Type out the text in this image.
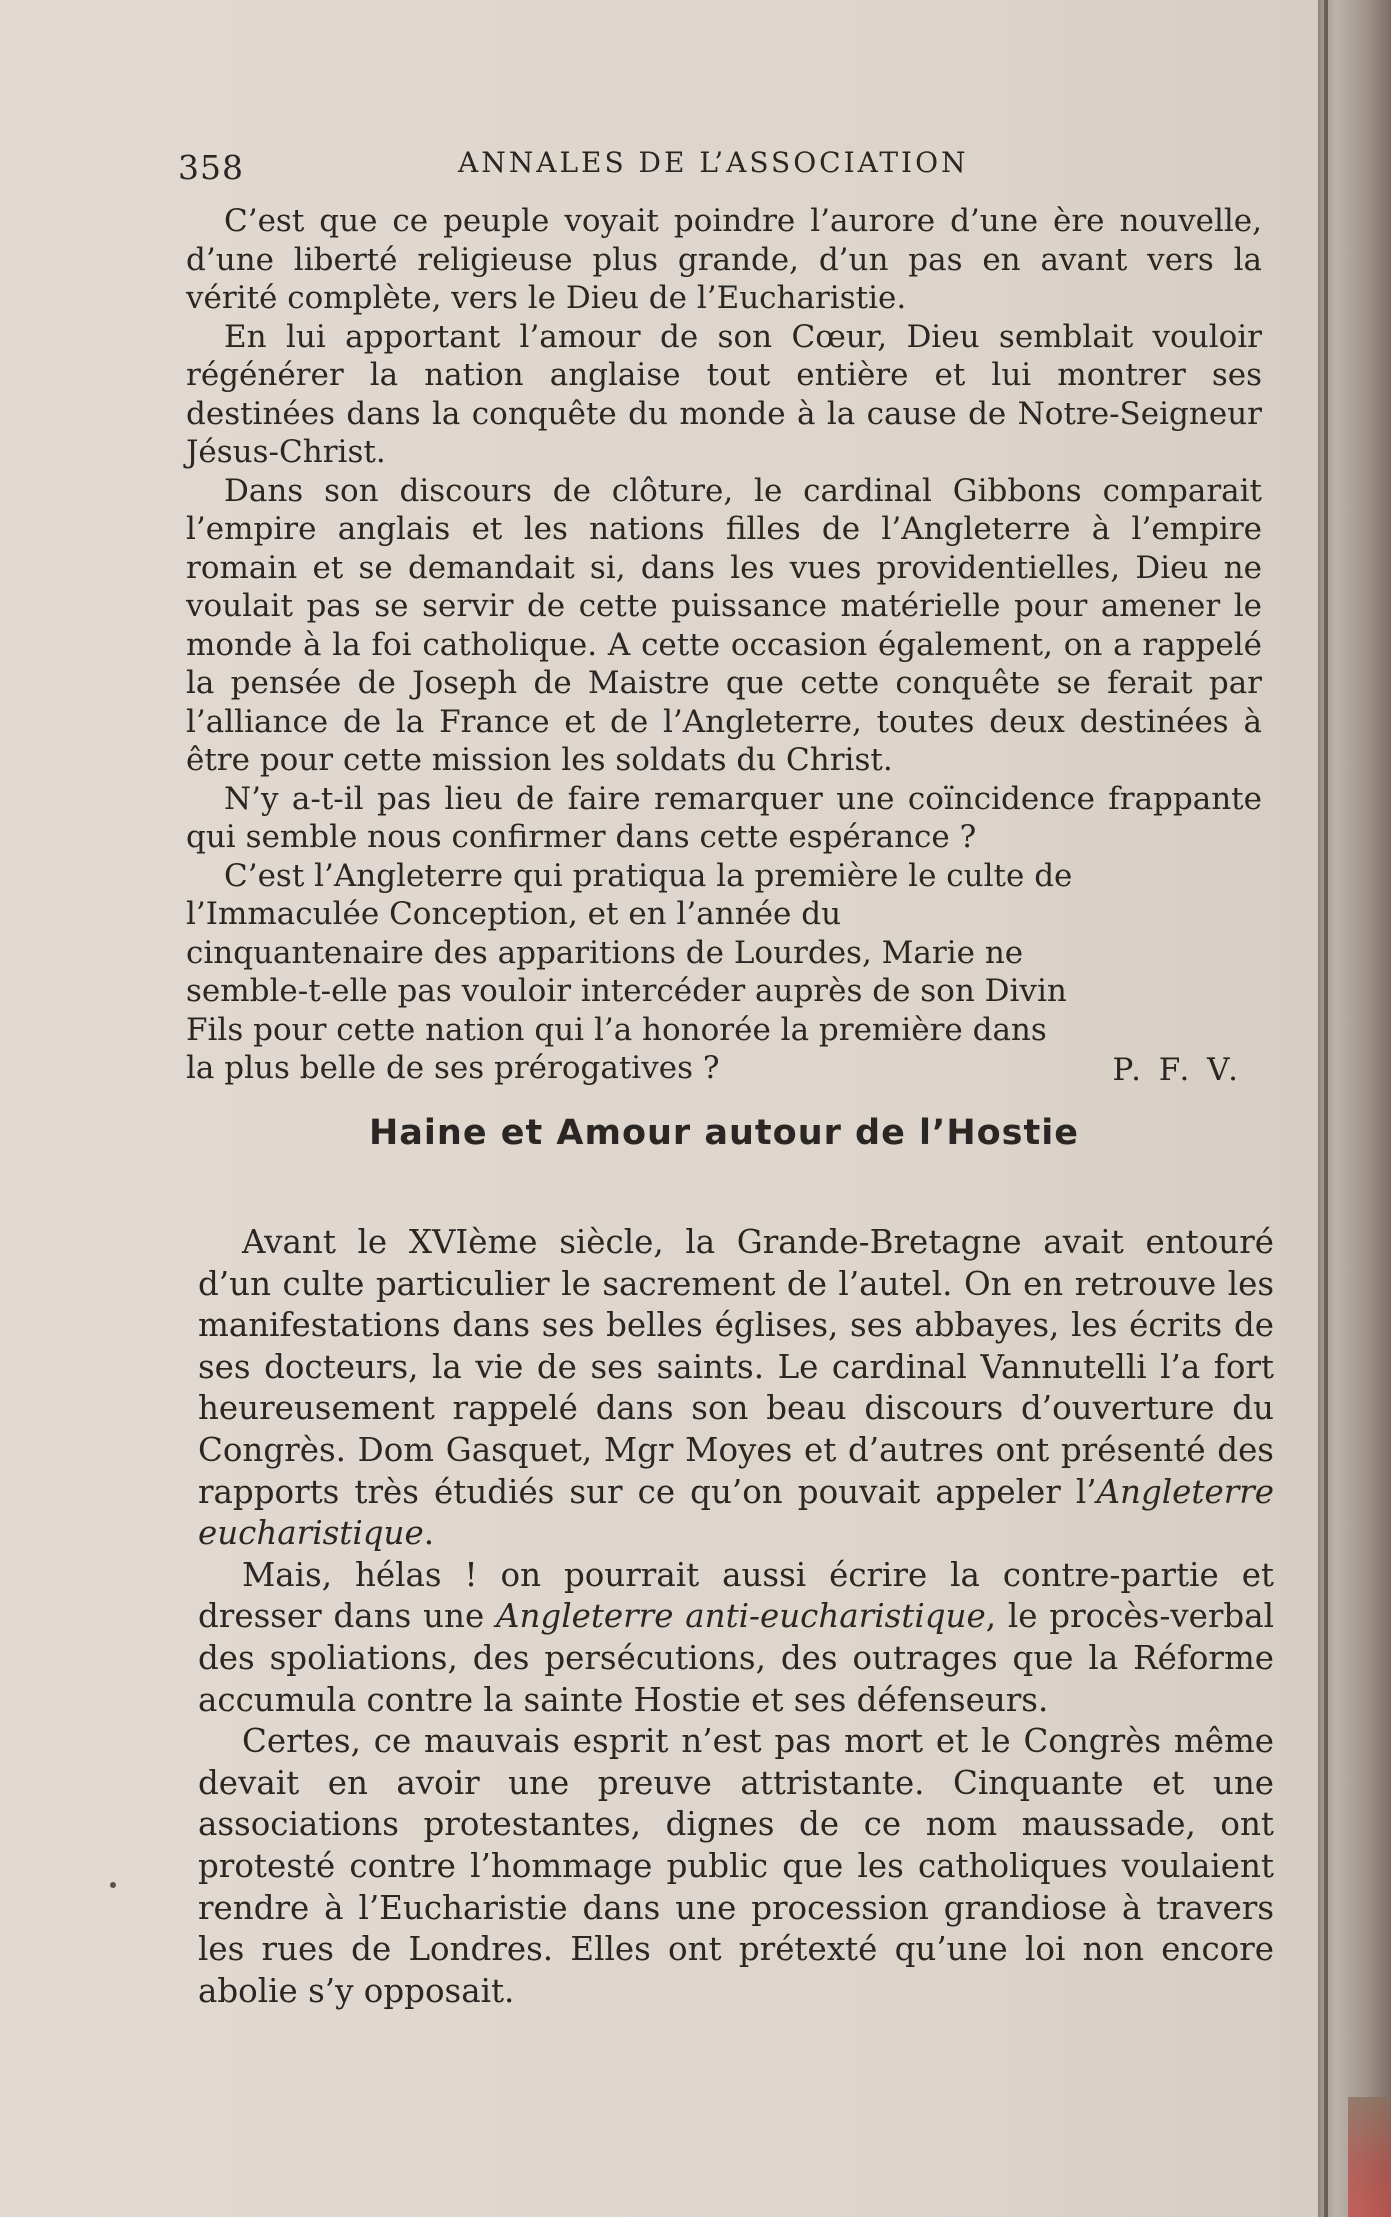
358	ANNALES DE L’ASSOCIATION

C’est que ce peuple voyait poindre l’aurore d’une ère nouvelle, d’une liberté religieuse plus grande, d’un pas en avant vers la vérité complète, vers le Dieu de l’Eucharistie.

En lui apportant l’amour de son Cœur, Dieu semblait vouloir régénérer la nation anglaise tout entière et lui montrer ses destinées dans la conquête du monde à la cause de Notre-Seigneur Jésus-Christ.

Dans son discours de clôture, le cardinal Gibbons comparait l’empire anglais et les nations filles de l’Angleterre à l’empire romain et se demandait si, dans les vues providentielles, Dieu ne voulait pas se servir de cette puissance matérielle pour amener le monde à la foi catholique. A cette occasion également, on a rappelé la pensée de Joseph de Maistre que cette conquête se ferait par l’alliance de la France et de l’Angleterre, toutes deux destinées à être pour cette mission les soldats du Christ.

N’y a-t-il pas lieu de faire remarquer une coïncidence frappante qui semble nous confirmer dans cette espérance ?

C’est l’Angleterre qui pratiqua la première le culte de l’Immaculée Conception, et en l’année du cinquantenaire des apparitions de Lourdes, Marie ne semble-t-elle pas vouloir intercéder auprès de son Divin Fils pour cette nation qui l’a honorée la première dans la plus belle de ses prérogatives ?	P. F. V.
Haine et Amour autour de l’Hostie

Avant le XVIème siècle, la Grande-Bretagne avait entouré d’un culte particulier le sacrement de l’autel. On en retrouve les manifestations dans ses belles églises, ses abbayes, les écrits de ses docteurs, la vie de ses saints. Le cardinal Vannutelli l’a fort heureusement rappelé dans son beau discours d’ouverture du Congrès. Dom Gasquet, Mgr Moyes et d’autres ont présenté des rapports très étudiés sur ce qu’on pouvait appeler l’Angleterre eucharistique.

Mais, hélas ! on pourrait aussi écrire la contre-partie et dresser dans une Angleterre anti-eucharistique, le procès-verbal des spoliations, des persécutions, des outrages que la Réforme accumula contre la sainte Hostie et ses défenseurs.

Certes, ce mauvais esprit n’est pas mort et le Congrès même devait en avoir une preuve attristante. Cinquante et une associations protestantes, dignes de ce nom maussade, ont protesté contre l’hommage public que les catholiques voulaient rendre à l’Eucharistie dans une procession grandiose à travers les rues de Londres. Elles ont prétexté qu’une loi non encore abolie s’y opposait.
